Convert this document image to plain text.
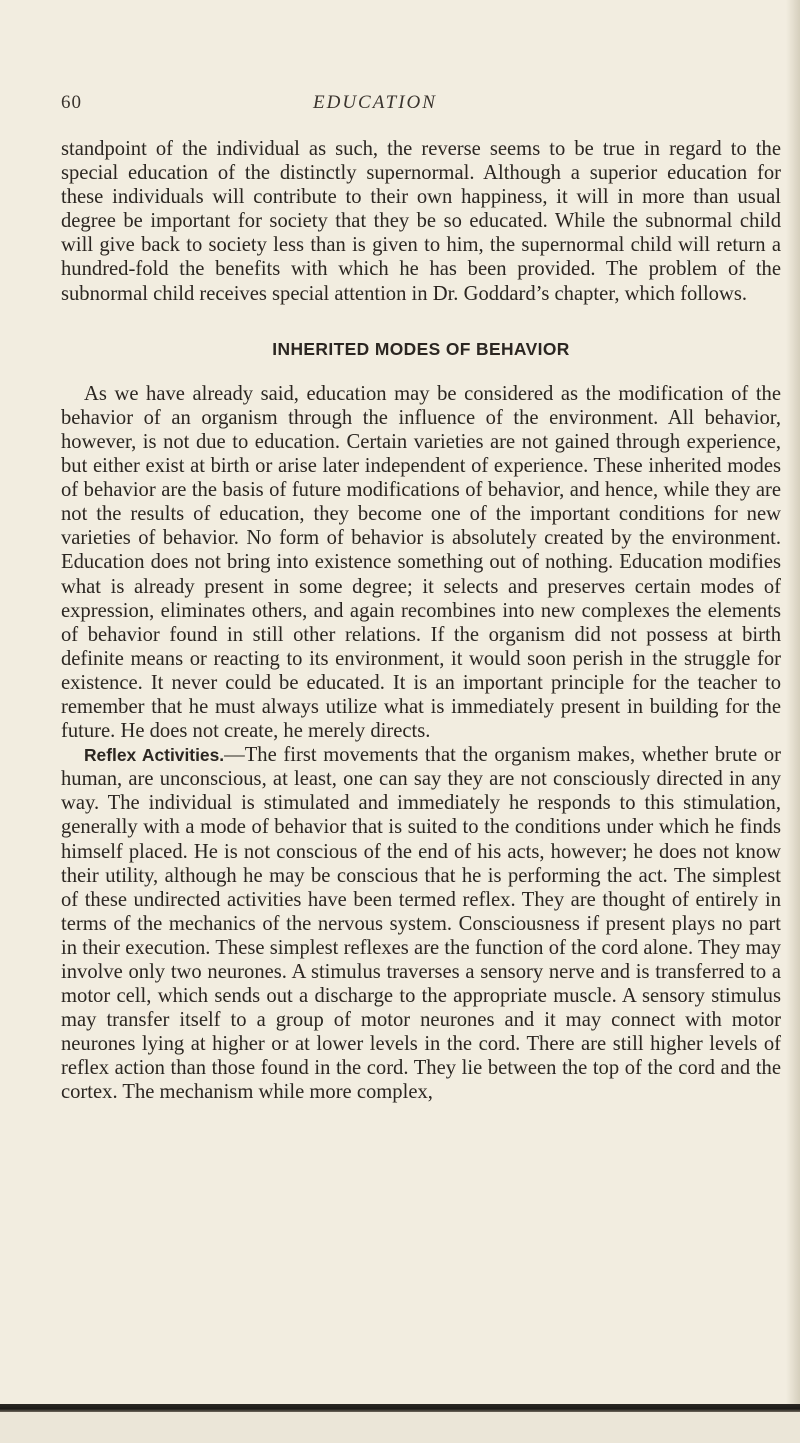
60	EDUCATION

standpoint of the individual as such, the reverse seems to be true in regard to the special education of the distinctly supernormal. Although a superior education for these individuals will contribute to their own happiness, it will in more than usual degree be important for society that they be so educated. While the subnormal child will give back to society less than is given to him, the supernormal child will return a hundred-fold the benefits with which he has been provided. The problem of the subnormal child receives special attention in Dr. Goddard’s chapter, which follows.

INHERITED MODES OF BEHAVIOR

As we have already said, education may be considered as the modification of the behavior of an organism through the influence of the environment. All behavior, however, is not due to education. Certain varieties are not gained through experience, but either exist at birth or arise later independent of experience. These inherited modes of behavior are the basis of future modifications of behavior, and hence, while they are not the results of education, they become one of the important conditions for new varieties of behavior. No form of behavior is absolutely created by the environment. Education does not bring into existence something out of nothing. Education modifies what is already present in some degree; it selects and preserves certain modes of expression, eliminates others, and again recombines into new complexes the elements of behavior found in still other relations. If the organism did not possess at birth definite means or reacting to its environment, it would soon perish in the struggle for existence. It never could be educated. It is an important principle for the teacher to remember that he must always utilize what is immediately present in building for the future. He does not create, he merely directs.

Reflex Activities.—The first movements that the organism makes, whether brute or human, are unconscious, at least, one can say they are not consciously directed in any way. The individual is stimulated and immediately he responds to this stimulation, generally with a mode of behavior that is suited to the conditions under which he finds himself placed. He is not conscious of the end of his acts, however; he does not know their utility, although he may be conscious that he is performing the act. The simplest of these undirected activities have been termed reflex. They are thought of entirely in terms of the mechanics of the nervous system. Consciousness if present plays no part in their execution. These simplest reflexes are the function of the cord alone. They may involve only two neurones. A stimulus traverses a sensory nerve and is transferred to a motor cell, which sends out a discharge to the appropriate muscle. A sensory stimulus may transfer itself to a group of motor neurones and it may connect with motor neurones lying at higher or at lower levels in the cord. There are still higher levels of reflex action than those found in the cord. They lie between the top of the cord and the cortex. The mechanism while more complex,
